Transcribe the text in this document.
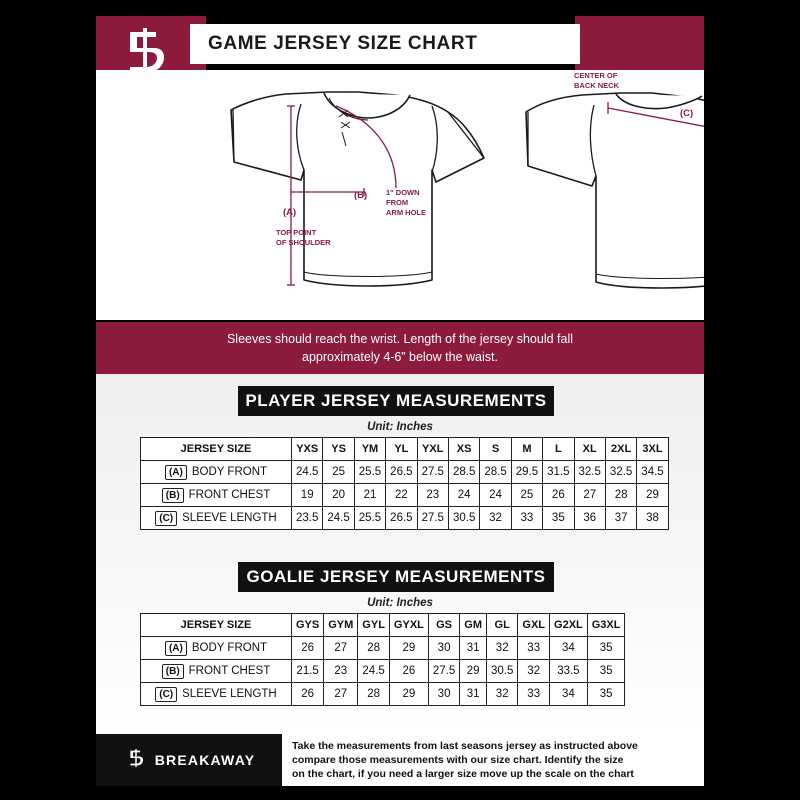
GAME JERSEY SIZE CHART
(A)
TOP POINT
OF SHOULDER
(B)	1" DOWN
FROM
ARM HOLE
(C)
CENTER OF
BACK NECK
Sleeves should reach the wrist. Length of the jersey should fall
approximately 4-6” below the waist.
PLAYER JERSEY MEASUREMENTS
Unit: Inches
JERSEY SIZE	YXS	YS	YM	YL	YXL	XS	S	M	L	XL	2XL	3XL
(A) BODY FRONT	24.5	25	25.5	26.5	27.5	28.5	28.5	29.5	31.5	32.5	32.5	34.5
(B) FRONT CHEST	19	20	21	22	23	24	24	25	26	27	28	29
(C) SLEEVE LENGTH	23.5	24.5	25.5	26.5	27.5	30.5	32	33	35	36	37	38
GOALIE JERSEY MEASUREMENTS
Unit: Inches
JERSEY SIZE	GYS	GYM	GYL	GYXL	GS	GM	GL	GXL	G2XL	G3XL
(A) BODY FRONT	26	27	28	29	30	31	32	33	34	35
(B) FRONT CHEST	21.5	23	24.5	26	27.5	29	30.5	32	33.5	35
(C) SLEEVE LENGTH	26	27	28	29	30	31	32	33	34	35
BREAKAWAY
Take the measurements from last seasons jersey as instructed above
compare those measurements with our size chart. Identify the size
on the chart, if you need a larger size move up the scale on the chart
